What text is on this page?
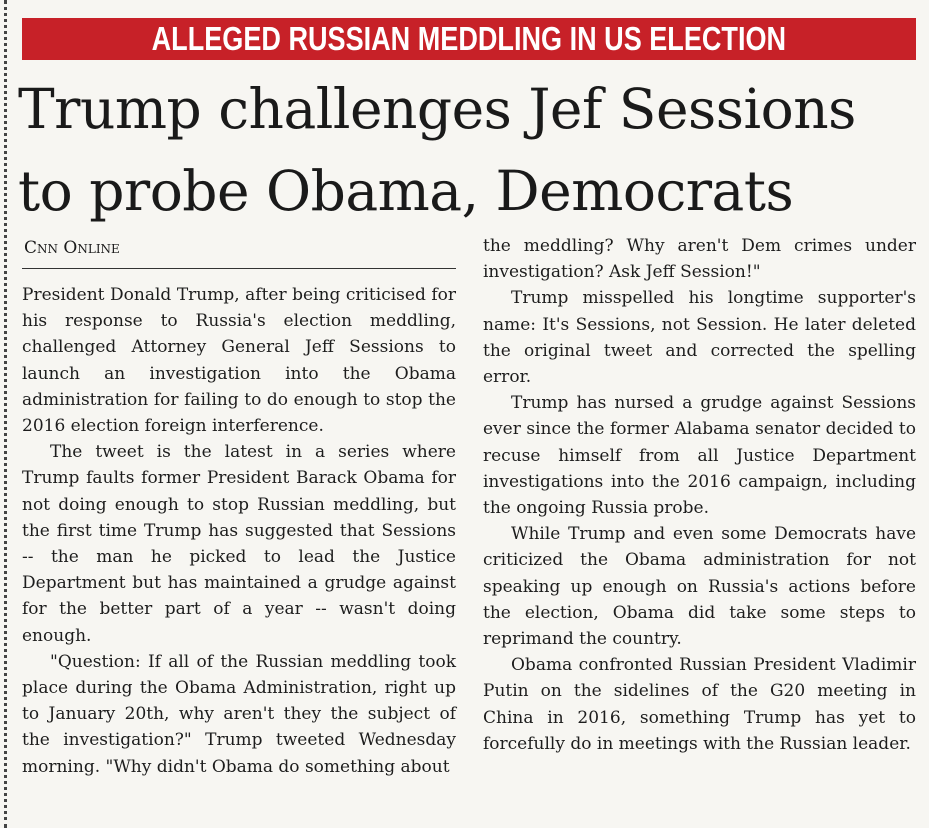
ALLEGED RUSSIAN MEDDLING IN US ELECTION
Trump challenges Jef Sessions
to probe Obama, Democrats
Cnn Online

President Donald Trump, after being criticised for his response to Russia's election meddling, challenged Attorney General Jeff Sessions to launch an investigation into the Obama administration for failing to do enough to stop the 2016 election foreign interference.

The tweet is the latest in a series where Trump faults former President Barack Obama for not doing enough to stop Russian meddling, but the first time Trump has suggested that Sessions -- the man he picked to lead the Justice Department but has maintained a grudge against for the better part of a year -- wasn't doing enough.

"Question: If all of the Russian meddling took place during the Obama Administration, right up to January 20th, why aren't they the subject of the investigation?" Trump tweeted Wednesday morning. "Why didn't Obama do something about

the meddling? Why aren't Dem crimes under investigation? Ask Jeff Session!"

Trump misspelled his longtime supporter's name: It's Sessions, not Session. He later deleted the original tweet and corrected the spelling error.

Trump has nursed a grudge against Sessions ever since the former Alabama senator decided to recuse himself from all Justice Department investigations into the 2016 campaign, including the ongoing Russia probe.

While Trump and even some Democrats have criticized the Obama administration for not speaking up enough on Russia's actions before the election, Obama did take some steps to reprimand the country.

Obama confronted Russian President Vladimir Putin on the sidelines of the G20 meeting in China in 2016, something Trump has yet to forcefully do in meetings with the Russian leader.
